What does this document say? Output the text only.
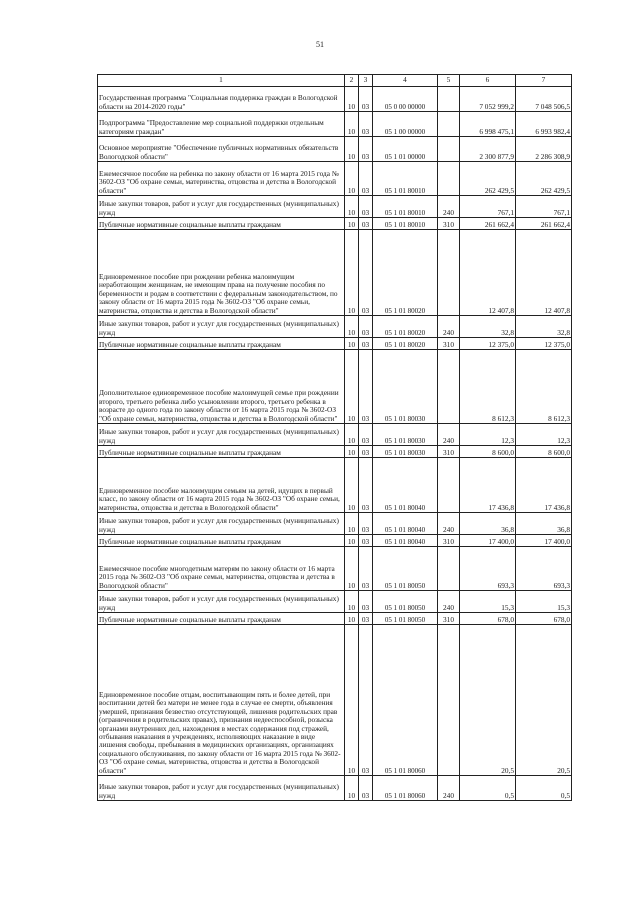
51
1	2	3	4	5	6	7
Государственная программа "Социальная поддержка граждан в Вологодской области на 2014-2020 годы"	10	03	05 0 00 00000		7 052 999,2	7 048 506,5
Подпрограмма "Предоставление мер социальной поддержки отдельным категориям граждан"	10	03	05 1 00 00000		6 998 475,1	6 993 982,4
Основное мероприятие "Обеспечение публичных нормативных обязательств Вологодской области"	10	03	05 1 01 00000		2 300 877,9	2 286 308,9
Ежемесячное пособие на ребенка по закону области от 16 марта 2015 года № 3602-ОЗ "Об охране семьи, материнства, отцовства и детства в Вологодской области"	10	03	05 1 01 80010		262 429,5	262 429,5
Иные закупки товаров, работ и услуг для государственных (муниципальных) нужд	10	03	05 1 01 80010	240	767,1	767,1
Публичные нормативные социальные выплаты гражданам	10	03	05 1 01 80010	310	261 662,4	261 662,4
Единовременное пособие при рождении ребенка малоимущим неработающим женщинам, не имеющим права на получение пособия по беременности и родам в соответствии с федеральным законодательством, по закону области от 16 марта 2015 года № 3602-ОЗ "Об охране семьи, материнства, отцовства и детства в Вологодской области"	10	03	05 1 01 80020		12 407,8	12 407,8
Иные закупки товаров, работ и услуг для государственных (муниципальных) нужд	10	03	05 1 01 80020	240	32,8	32,8
Публичные нормативные социальные выплаты гражданам	10	03	05 1 01 80020	310	12 375,0	12 375,0
Дополнительное единовременное пособие малоимущей семье при рождении второго, третьего ребенка либо усыновлении второго, третьего ребенка в возрасте до одного года по закону области от 16 марта 2015 года № 3602-ОЗ "Об охране семьи, материнства, отцовства и детства в Вологодской области"	10	03	05 1 01 80030		8 612,3	8 612,3
Иные закупки товаров, работ и услуг для государственных (муниципальных) нужд	10	03	05 1 01 80030	240	12,3	12,3
Публичные нормативные социальные выплаты гражданам	10	03	05 1 01 80030	310	8 600,0	8 600,0
Единовременное пособие малоимущим семьям на детей, идущих в первый класс, по закону области от 16 марта 2015 года № 3602-ОЗ "Об охране семьи, материнства, отцовства и детства в Вологодской области"	10	03	05 1 01 80040		17 436,8	17 436,8
Иные закупки товаров, работ и услуг для государственных (муниципальных) нужд	10	03	05 1 01 80040	240	36,8	36,8
Публичные нормативные социальные выплаты гражданам	10	03	05 1 01 80040	310	17 400,0	17 400,0
Ежемесячное пособие многодетным матерям по закону области от 16 марта 2015 года № 3602-ОЗ "Об охране семьи, материнства, отцовства и детства в Вологодской области"	10	03	05 1 01 80050		693,3	693,3
Иные закупки товаров, работ и услуг для государственных (муниципальных) нужд	10	03	05 1 01 80050	240	15,3	15,3
Публичные нормативные социальные выплаты гражданам	10	03	05 1 01 80050	310	678,0	678,0
Единовременное пособие отцам, воспитывающим пять и более детей, при воспитании детей без матери не менее года в случае ее смерти, объявления умершей, признания безвестно отсутствующей, лишения родительских прав (ограничения в родительских правах), признания недееспособной, розыска органами внутренних дел, нахождения в местах содержания под стражей, отбывания наказания в учреждениях, исполняющих наказание в виде лишения свободы, пребывания в медицинских организациях, организациях социального обслуживания, по закону области от 16 марта 2015 года № 3602-ОЗ "Об охране семьи, материнства, отцовства и детства в Вологодской области"	10	03	05 1 01 80060		20,5	20,5
Иные закупки товаров, работ и услуг для государственных (муниципальных) нужд	10	03	05 1 01 80060	240	0,5	0,5
